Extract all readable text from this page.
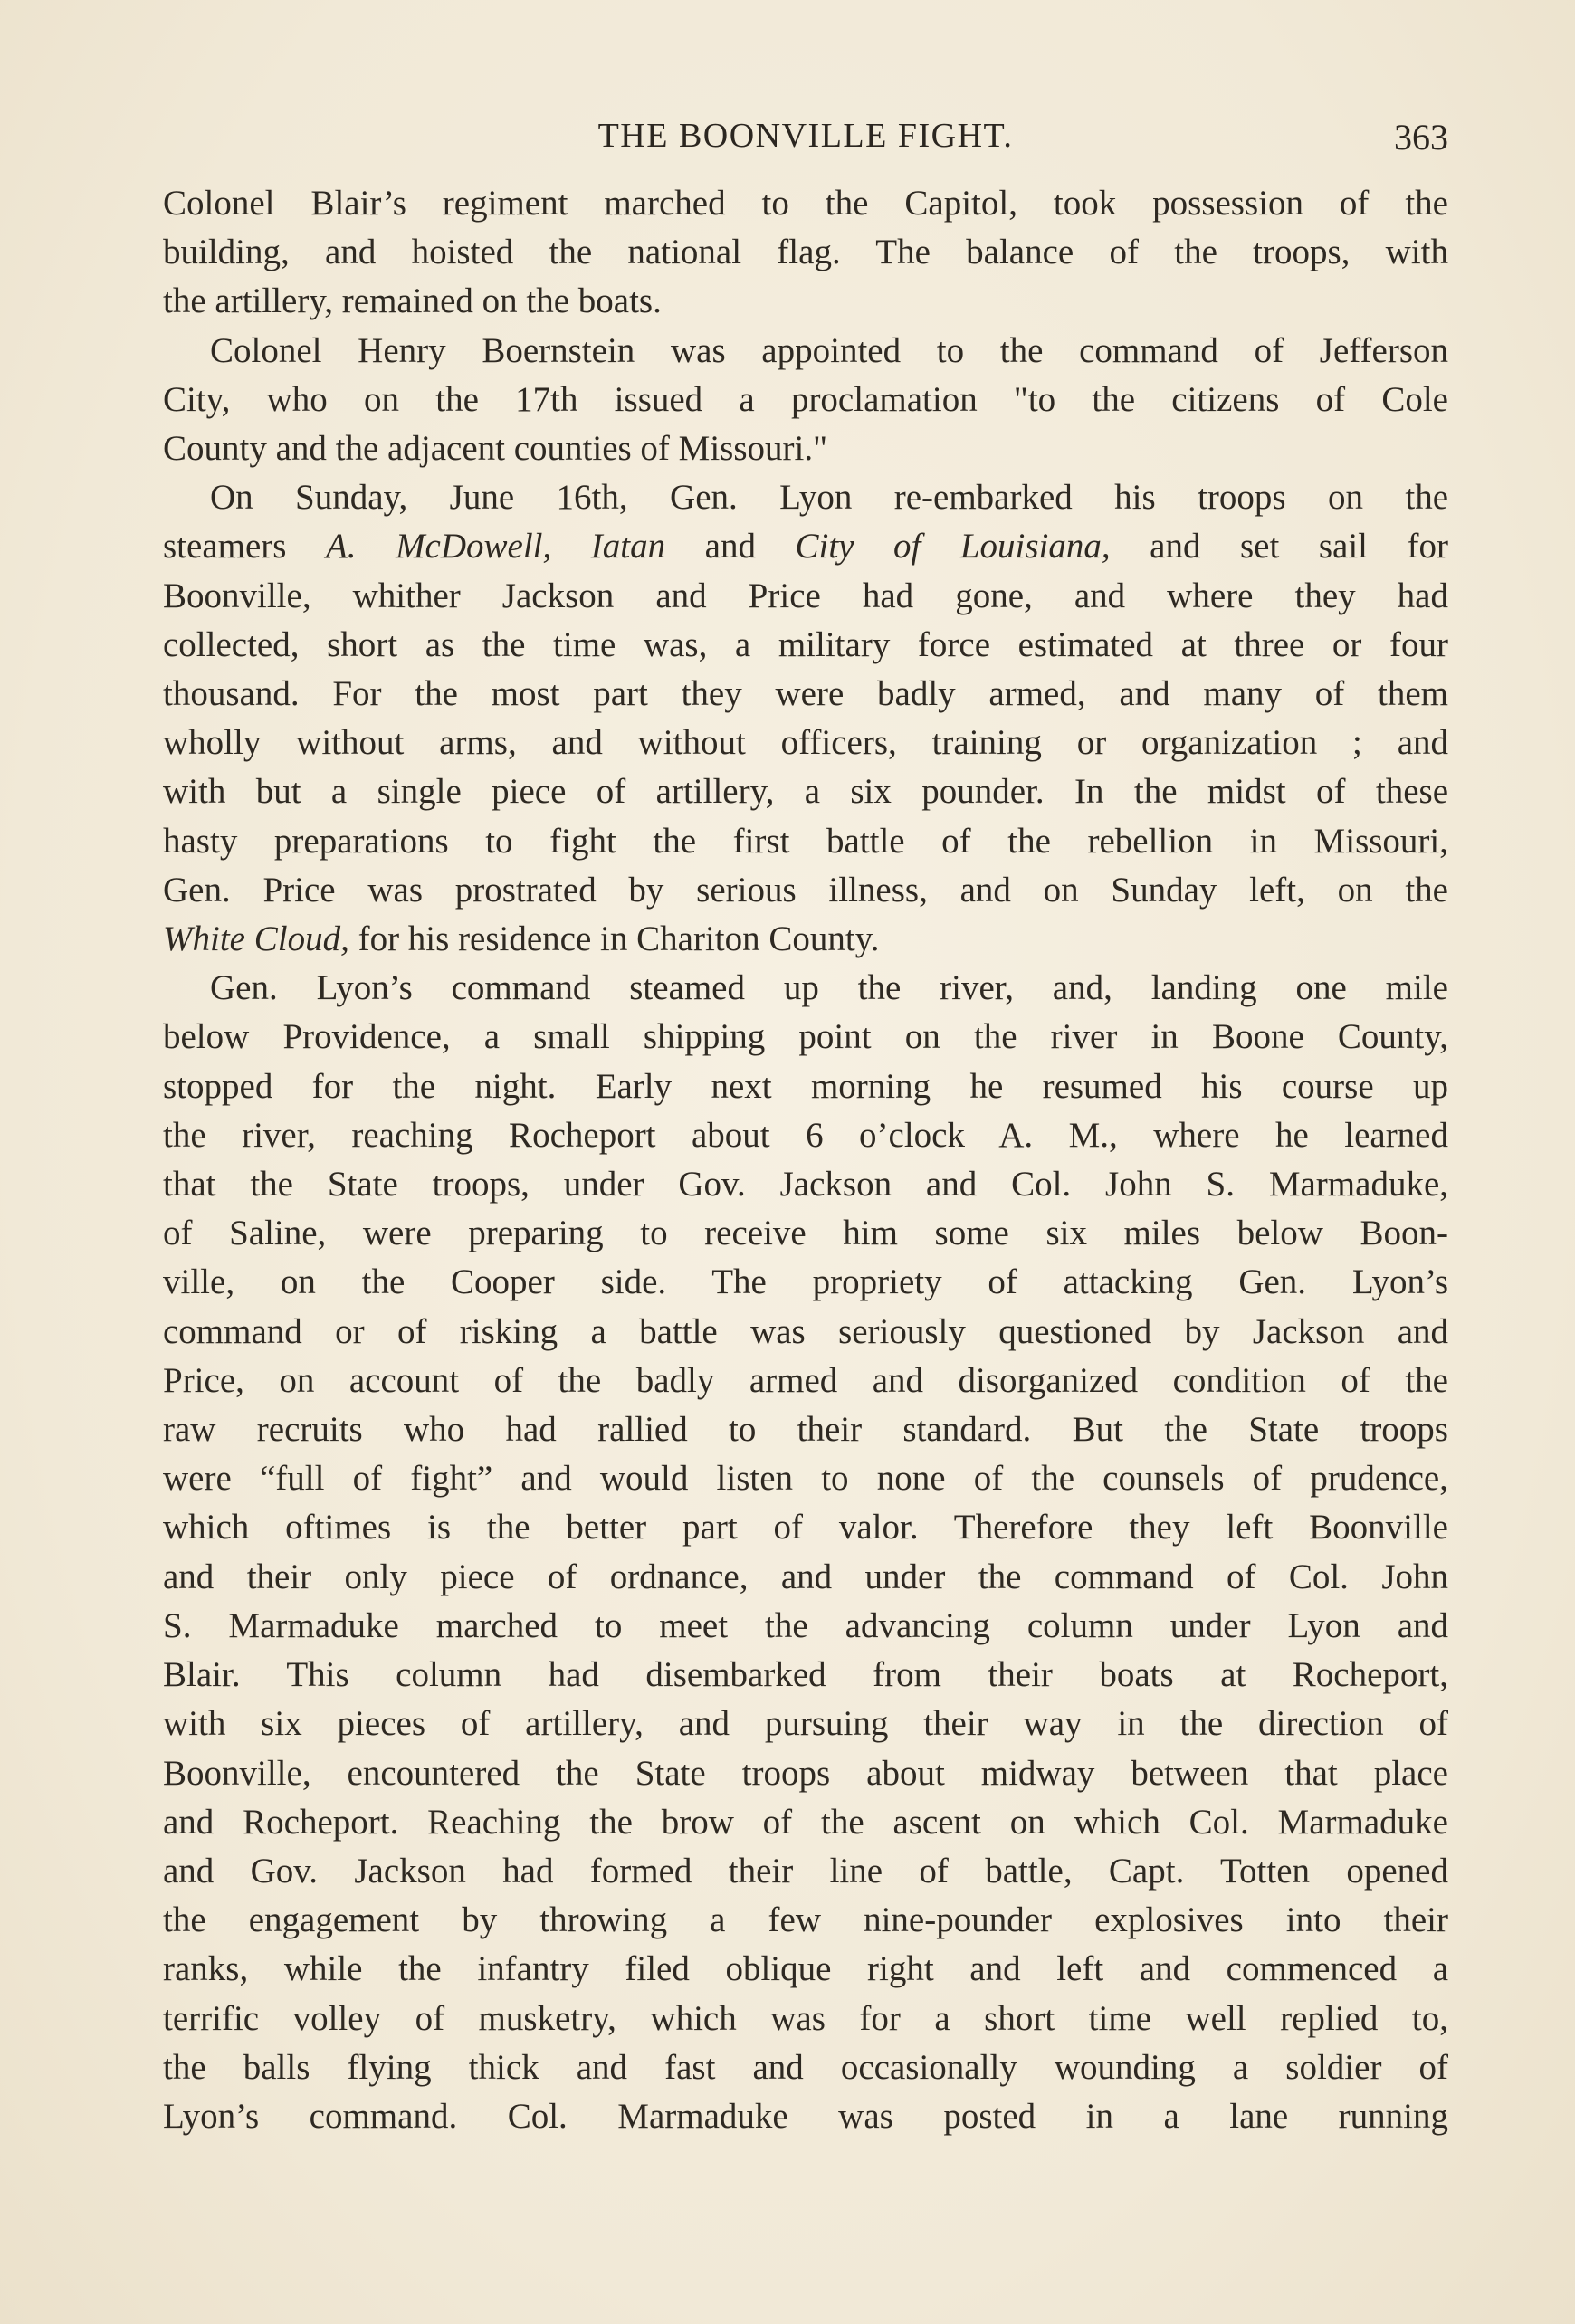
THE BOONVILLE FIGHT.	363
Colonel Blair’s regiment marched to the Capitol, took possession of the
building, and hoisted the national flag. The balance of the troops, with
the artillery, remained on the boats.
Colonel Henry Boernstein was appointed to the command of Jefferson
City, who on the 17th issued a proclamation "to the citizens of Cole
County and the adjacent counties of Missouri."
On Sunday, June 16th, Gen. Lyon re-embarked his troops on the
steamers A. McDowell, Iatan and City of Louisiana, and set sail for
Boonville, whither Jackson and Price had gone, and where they had
collected, short as the time was, a military force estimated at three or four
thousand. For the most part they were badly armed, and many of them
wholly without arms, and without officers, training or organization ; and
with but a single piece of artillery, a six pounder. In the midst of these
hasty preparations to fight the first battle of the rebellion in Missouri,
Gen. Price was prostrated by serious illness, and on Sunday left, on the
White Cloud, for his residence in Chariton County.
Gen. Lyon’s command steamed up the river, and, landing one mile
below Providence, a small shipping point on the river in Boone County,
stopped for the night. Early next morning he resumed his course up
the river, reaching Rocheport about 6 o’clock A. M., where he learned
that the State troops, under Gov. Jackson and Col. John S. Marmaduke,
of Saline, were preparing to receive him some six miles below Boon-
ville, on the Cooper side. The propriety of attacking Gen. Lyon’s
command or of risking a battle was seriously questioned by Jackson and
Price, on account of the badly armed and disorganized condition of the
raw recruits who had rallied to their standard. But the State troops
were “full of fight” and would listen to none of the counsels of prudence,
which oftimes is the better part of valor. Therefore they left Boonville
and their only piece of ordnance, and under the command of Col. John
S. Marmaduke marched to meet the advancing column under Lyon and
Blair. This column had disembarked from their boats at Rocheport,
with six pieces of artillery, and pursuing their way in the direction of
Boonville, encountered the State troops about midway between that place
and Rocheport. Reaching the brow of the ascent on which Col. Marmaduke
and Gov. Jackson had formed their line of battle, Capt. Totten opened
the engagement by throwing a few nine-pounder explosives into their
ranks, while the infantry filed oblique right and left and commenced a
terrific volley of musketry, which was for a short time well replied to,
the balls flying thick and fast and occasionally wounding a soldier of
Lyon’s command. Col. Marmaduke was posted in a lane running
